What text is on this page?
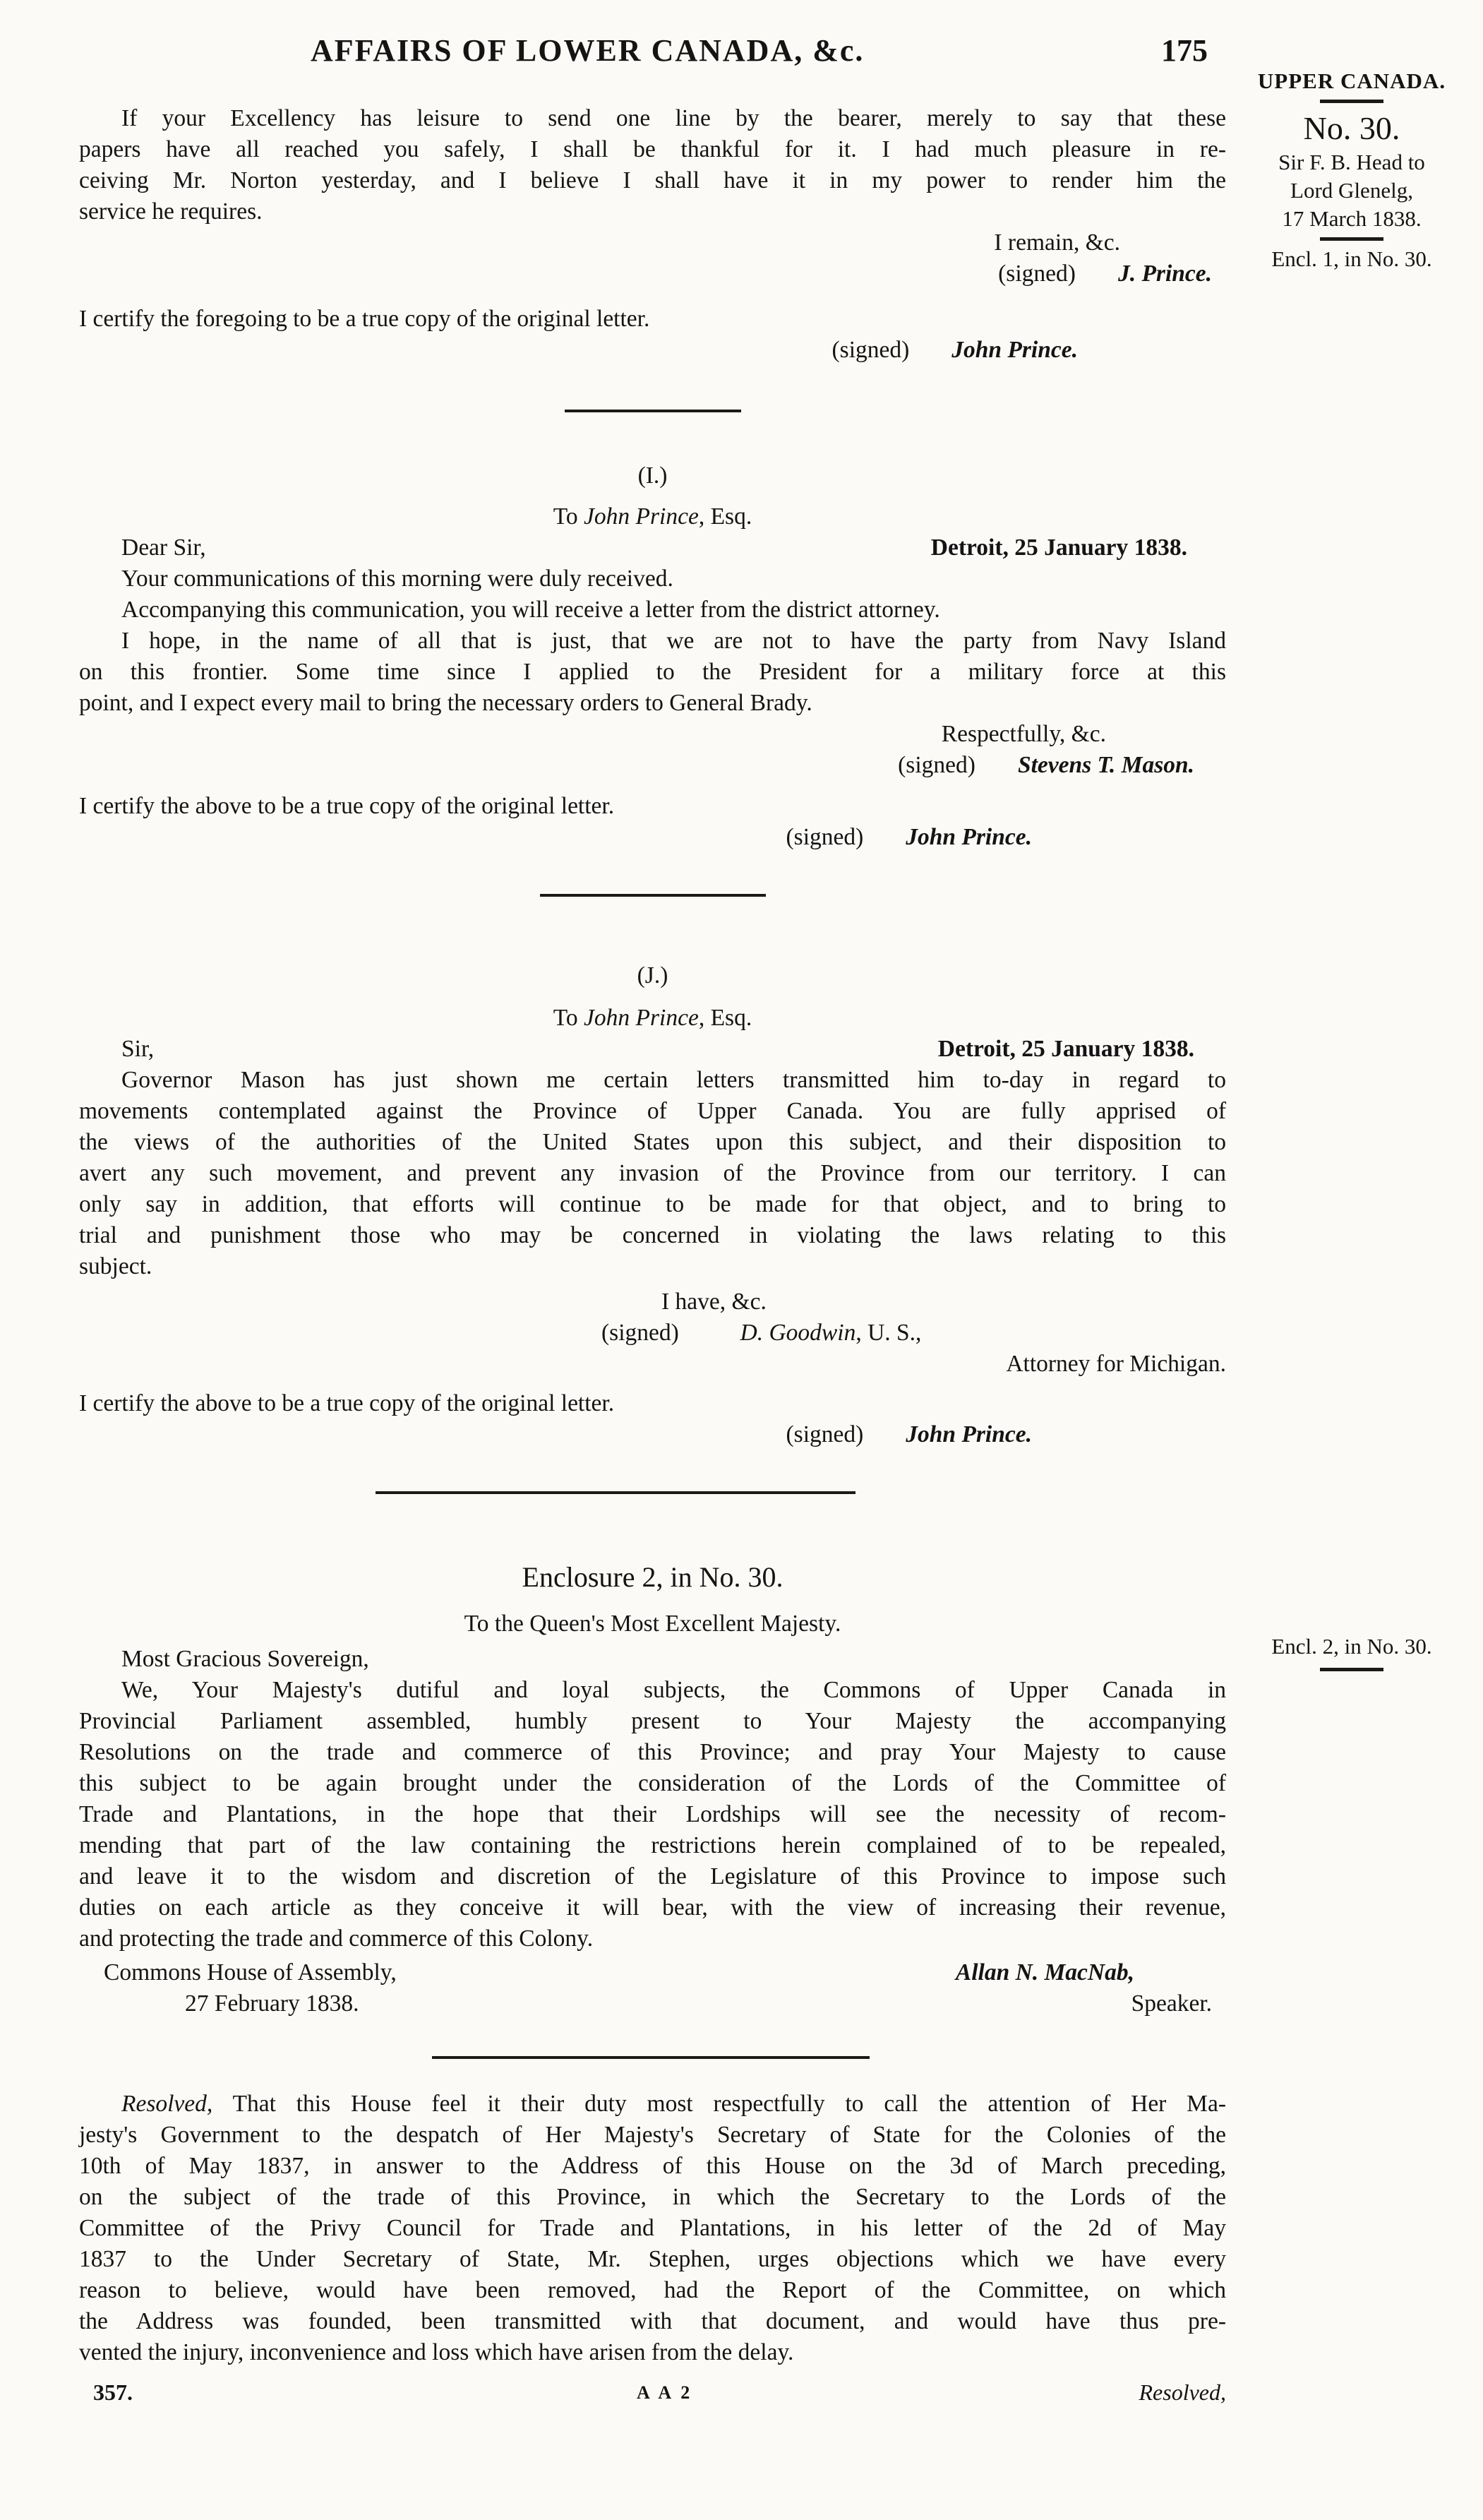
AFFAIRS OF LOWER CANADA, &c.	175
UPPER CANADA.
No. 30.
Sir F. B. Head to
Lord Glenelg,
17 March 1838.
Encl. 1, in No. 30.
Encl. 2, in No. 30.

If your Excellency has leisure to send one line by the bearer, merely to say that these

papers have all reached you safely, I shall be thankful for it. I had much pleasure in re-

ceiving Mr. Norton yesterday, and I believe I shall have it in my power to render him the

service he requires.

I remain, &c.

(signed) J. Prince.

I certify the foregoing to be a true copy of the original letter.

(signed) John Prince.

(I.)

To John Prince, Esq.

Dear Sir,	Detroit, 25 January 1838.

Your communications of this morning were duly received.

Accompanying this communication, you will receive a letter from the district attorney.

I hope, in the name of all that is just, that we are not to have the party from Navy Island

on this frontier. Some time since I applied to the President for a military force at this

point, and I expect every mail to bring the necessary orders to General Brady.

Respectfully, &c.

(signed) Stevens T. Mason.

I certify the above to be a true copy of the original letter.

(signed) John Prince.

(J.)

To John Prince, Esq.

Sir,	Detroit, 25 January 1838.

Governor Mason has just shown me certain letters transmitted him to-day in regard to

movements contemplated against the Province of Upper Canada. You are fully apprised of

the views of the authorities of the United States upon this subject, and their disposition to

avert any such movement, and prevent any invasion of the Province from our territory. I can

only say in addition, that efforts will continue to be made for that object, and to bring to

trial and punishment those who may be concerned in violating the laws relating to this

subject.

I have, &c.

(signed)	D. Goodwin, U. S.,

Attorney for Michigan.

I certify the above to be a true copy of the original letter.

(signed) John Prince.

Enclosure 2, in No. 30.

To the Queen's Most Excellent Majesty.

Most Gracious Sovereign,

We, Your Majesty's dutiful and loyal subjects, the Commons of Upper Canada in

Provincial Parliament assembled, humbly present to Your Majesty the accompanying

Resolutions on the trade and commerce of this Province; and pray Your Majesty to cause

this subject to be again brought under the consideration of the Lords of the Committee of

Trade and Plantations, in the hope that their Lordships will see the necessity of recom-

mending that part of the law containing the restrictions herein complained of to be repealed,

and leave it to the wisdom and discretion of the Legislature of this Province to impose such

duties on each article as they conceive it will bear, with the view of increasing their revenue,

and protecting the trade and commerce of this Colony.

Commons House of Assembly,	Allan N. MacNab,
27 February 1838.	Speaker.

Resolved, That this House feel it their duty most respectfully to call the attention of Her Ma-

jesty's Government to the despatch of Her Majesty's Secretary of State for the Colonies of the

10th of May 1837, in answer to the Address of this House on the 3d of March preceding,

on the subject of the trade of this Province, in which the Secretary to the Lords of the

Committee of the Privy Council for Trade and Plantations, in his letter of the 2d of May

1837 to the Under Secretary of State, Mr. Stephen, urges objections which we have every

reason to believe, would have been removed, had the Report of the Committee, on which

the Address was founded, been transmitted with that document, and would have thus pre-

vented the injury, inconvenience and loss which have arisen from the delay.

357.	A A 2	Resolved,
